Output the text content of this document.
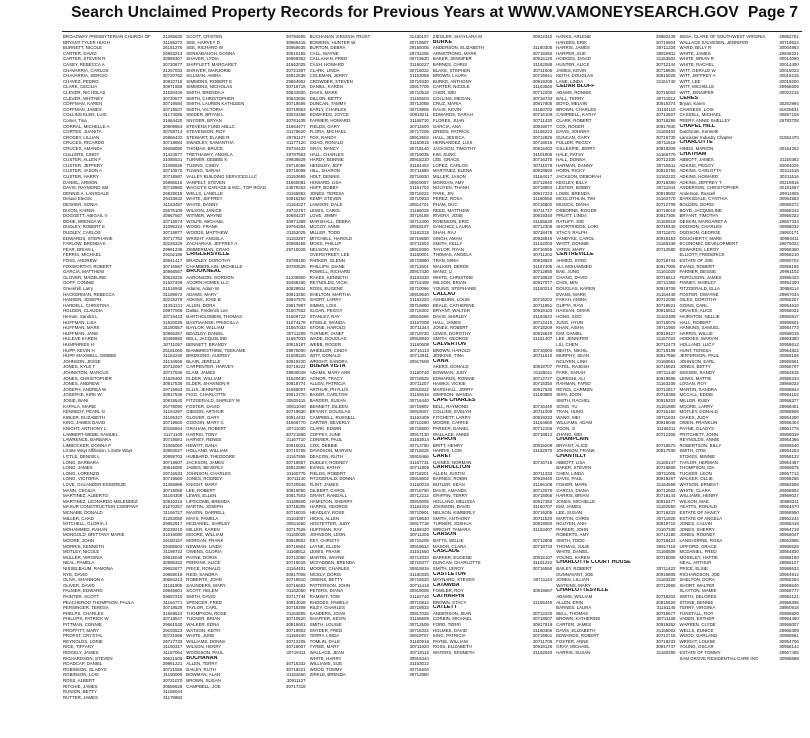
Search Unclaimed Property Records for Previous Years at WWW.VAMONEYSEARCH.GOV Page 7
BROADWAY PRESBYTERIAN CHURCH OF	31265630
BRYANT TYLER HUGH	31165272
BURNETT, NICOLE	26161276
CARTER, DAVID	26963213
CARTER, STEVEN R	30969307
CASEY, REBECCA A	30720877
CHAVARRIA, CARLOS	31267033
CHAVARRIA, SERGIO	30720752
CHAVEZ, PEDRO	30910715
CLARK, CECILIA	30971556
CLEVER, NICHOLAS	31520446
CLEVER, WHITNEY	30720577
COFFMAN, KAREN	30719594
COFFMAN, JAMES	30719537
COLLINS ELEN, LUIS	31174066
Comer, Tina	31664420
CORRAL, MICHELLE A	30909553
CORTES, JUANITA	30769714
CROSBY, LILLIAN	26966432
CRUCES, RICARDO	30718884
CRUCES, AMANDA	29268080
CULLERS, CINDY	31424577
CUSTER, ALLEN F	31085531
CUSTER, JEFFERY	31085526
CUSTER, JASON A	30710570
CUSTER, HARRY	30718587
DANIEL, ARMON	26956516
DAVIS, RAYMOND SM	30718960
DENNIS A. LANSDALE	26928019
Deluxe Electric	29433632
DESHER, SONIA	31153497
DIXON, KAREN	25576106
DOGGETT, ABIGAIL V	30967557
DONE, BRENDA W	30716574
DUDLEY, ROBERT E	31096224
DUDLEY, CARLOS	30718877
EDWARDS, STEPHANIE	30717752
FARLOW, BRENDA K	30225229
FEAR, BRIAN L	29961236
FERRIS, MICHAEL	29152186
FOSS, ANDREW	30641417
FOXWORTHY, ROBERT	30716587
GARCIA, MATTHEW	30966557
GLOVER, MADELINE	30618225
GOFF, CONNIE	31527209
Greenhill, Larry	31516948
HACKERMAN, REBECCA	31169672
HANSEN, JOSEPH	30215278
HARDELL, CHRISTINA	31251211
HOLDEN, CLAUDIA	29977066
Hernan, Sandra L	30719443
HUFFMAN, LISA	31520025
HUFFMAN, MARK	31180557
HUFFMAN, JANE	30966257
HULEVE KAREN	30466660
HUMPHRIES H	30711057
HUPP, KEVIN H	25181060
HUPP MAXWELL, DEBBIE	31162240
JOHNSON, JESSE	31134665
JONES, KYLE T	30712097
JOHNSTON, MARCUS	30717536
JONES, CHRISTOPHER	31525402
JONES, ANDREW	30917536
JOSEPH, ANDREA W	29719663
JOSEPHE, KIRK W	30917536
JOSIE, BANI	30919540
KAPALA, MARIE	26778090
KENNEDY, PEARL N	31164297
KIBLER, ELIZABETH	31165327
KING, JAMES DAVID	30719560
KNIGHT, ANTHONY L	30165554
LAMBERT-WEBB, SAMUEL	31171106
LAWRENCE, BARBARA	30719581
LIMBOCKER, DONNA F	31065060
Lizotte Wayt Affiliation, Lizotte Wayt	30953027
LITTLE, DENISE L	30959703
LONG, BARBARA	30719607
LONG, JAMES	30616080
LONG, LORENZO	29716533
LONG, VICTORIA	30719560
LOVE, GALANDER ESSEREZE	31356989
MANN, CECILIA	30719058
MARTINEZ, ALBERTO	31164308
MARTINEZ, LEONARDO MELENDEZ	30910215
MASUR CONSTRUCTION COMPANY	31570257
MCNABB, DONALD	31166727
MILLER, CHAD	31263060
MITCHELL, GLORIA J	29652917
MOHAMMED, RAHAN	30228210
MONGOLD, BRITTANY MARIE	31015080
MOORE, JOHN	29180157
MORRIS, KENNETH	29485504
MOTLEY, NICOLE	31169722
MULLER, VIRGINIA	29515048
NEAL, PAMELA	30956322
NISSELBAUM, RAMONA	29652677
NYE, DAVID	29658019
OLIVA, SHANNON A	30684213
OLIVER, DAVID	31161905
PALMER, EDWARD	29945601
PAINTER, SCOTT	29667210
PEACHEROO THOMPSON, PAULA	31164771
PERSINGER, TERESA	30718529
PHELPS, CHARLES	31569524
PHILLIPS, PATRICK W	30718547
PITTMAN, CONNIE	29661530
PROFFITT, MARY	29193523
PROPST, CRYSTAL	30721568
REYNOLDS, LORIE	29717733
RICE, TIFFANY	31150317
RIDGELY, JAMES	31167064
RICHARDSON, STEVEN	30621506
ROADCAP, DANIEL	29961221
ROBINSON, GLADYS	30721556
ROBINSON, LOIS	31150005
ROSS, ALBERT	30721070
RITCHIE, JAMES	30559625
RUNION, BETTY	31166044
RUTTER, JAMES	31175882
SCOTT, CRISTEN	30794605
SEE, HARVEY D	30966415
SEE, RICHARD W	30966635
SENSABAUGH, DONNA	30916155
SHAVER, LYDIA	30969362
SHIFFLETT, MARGARET	31662025
SHRIVER, MARJORIE	30721307
SILLMAN, AMIRA	30912535
SIMMONS, ROBERT E	29864952
SIMMONS, NICHOLAS	30718715
SMITH, BRENDA A	30643930
SMITH, CHRISTOPHER	30643936
SMITH, LAUREN KATHLEEN	30719556
SMITH, VICTORIA	30719553
SNIDER, BRYAN L	30022468
SNYDER, BRYAN	30781435
STEVENS FUND ABLLC	31664477
STEVENSON, ROY	31176620
STEWART, ELAINE R	29761127
SWADLEY, SAMANTHA	31177120
THOMAS, BRUCE	29734432
TRETHAWAY, ANGELA	29787563
TURNER, DEBBIE K	29936829
TUSING, CINDY	29715056
TUSING, SARAH	29715058
VALLEY BUILDING SERVICES LLC	31153669
VANPELT, STEVEN	31665081
WAGGY'S GARAGE & INC., TOP ROAD	24679262
WELLS, LANELLE	31165852
WHITE, JEFFREY	30916250
WHITE, DANNY	31164227
WILSON, JANICE	29742767
WITMER, WAYNE	30684237
WOLFE, MICHAEL	30971369
WOOD, FRANK	29764294
WOODS, MATTHEW	31152025
WRIGHT, ANGELA	31152267
ZACHARIAS, JEFFREY A	30969458
ZIMMERMAN, CRAIG	29715028
CRIGLERSVILLE
BRADLEY, DOROTHY	29789150
CHAMBERLAIN, MICHELLE	30783525
BROOKNEAL
AARONSON, GORDON	31239900
ACORN HOMES LLC	30468260
Adams, Adam W	30828934
ADAMS, MARY	30913250
ADKINS, JOSE B	30947576
ALLEN, DORA	29817897
Dallas, Frederick Lee	31607552
BARTHOLOMEW, THOMAS	31609722
BASTIAANSE, PRISCILLA	31074178
BAYLOR, WILLIAM	31567033
BEAZLEY, DANIEL	30711205
BELL, JACQUELINE	31657033
BENNETT, BRANDY	30615187
BIAMBRESTHINE, TEEKAME	29875000
BIRDSONG, AUDREY	31609220
BLAIR, JERELLE	30919220
CARPENTER, HARVEY	30719222
ELAM, JAMES	29930049
ELDER, WILLIAM	31520430
ELDER, SHANNON R	30918774
ELLIS, JENNIFER	31669007
FIGG, CHARLOTTE	30912770
FITZGERALD, SHIRLEY M	30829115
FOSTER, DAVID	30911040
GIBSON, ARTHUR	30719630
GLOVER, GARY	30914432
GOGGIN, MARY C	31566770
GRAHAM, ROBERT	30711030
HARRIS, TONY	30721566
HARVEY, RENEE	31167710
HEWITT, DANA	30916021
HOLLAND, WILLIAM	30710755
HUBBARD, THEODORE	31167555
JACKSON, JAMES	30719557
JAMES, BEVERLY	30912590
JOHNSON, CHARLES	31160775
JONES, RODNEY	30711140
KNIGHT, MARY	30720548
LEE, ROBERT	30919060
LEWIS, ELLEN	30917503
LIPSCOMB, BRENDA	31169500
MARTIN, JOSEPH	30718205
MASON, DARRELL	30716015
MAYS, PAMELA	31163007
MCDANIEL, SHIRLEY	30911650
MILLER, KAREN	30717526
MOORE, WILLIAM	31160028
MORGAN, FRANK	30919502
NEWMAN, LINDA	30716504
OWENS, GLORIA	31168812
PAYNE, DORIS	30712050
PERKINS, ALICE	30719018
PRICE, RONALD	31164401
REID, SANDRA	30917006
ROBERTS, JOHN	30718810
SAUNDERS, MARY	30716602
SCOTT, HELEN	31162050
SMITH, DAVID	30717744
SPENCER, FRED	30914028
TAYLOR, CARL	30719309
THOMPSON, ROSE	31163605
TUCKER, BRIAN	30710520
WALKER, EDNA	30916601
WATSON, KEITH	30719903
WHITE, JUNE	31160440
WILLIAMS, DONNA	30712205
WILSON, HENRY	30718007
WOODSON, PAUL	30719411
BUCHANAN
ALLEN, TERRY	30716332
BAILEY, RUTH	30719221
BOWMAN, ALAN	31162660
BROWN, SUSAN	30911127
CAMPBELL, JOE	30717318
BUCHANAN VIRGINIA TRUST	31430107
BOWERS, HUNTER W	30719507
BURTON, DEBRA	29155005
CALL, WAYNE	28732205
CALLAHAN, FRED	30719620
CASH, HOWARD	31160227
CLARK, LINDA	30716022
COLEMAN, JERRY	31163058
CROWDER, STEVEN	30719330
DANIEL, KAREN	30917705
DAVIS, MARK	30710518
DILLON, BETTY	31165503
DUNCAN, TAMMY	30712088
EARLY, CHARLES	30719905
EDWARDS, JOYCE	30919211
FARMER, HOWARD	31168730
FIELDS, GARY	30711600
FLORA, MICHAEL	30717209
FOX, RANDY	30913504
GOAD, RONALD	31160815
GRAY, NANCY	30718140
HALL, CHARLES	30719035
HARDY, BONNIE	30915210
HENSLEY, JEFF	31164402
HILL, SHARON	30711880
HOLT, DENNIS	30716630
HOWARD, LISA	30919057
HUFF, BOBBY	31161702
JONES, TERESA	30718222
KEMP, STEVEN	30710933
LAWSON, DALE	30914701
LEWIS, CAROL	31166025
LOVE, JIMMY	30719188
MARSHALL, DEBRA	30712400
MCCOY, ANNE	30918107
MILLER, TODD	31162318
MITCHELL, HAROLD	30716550
MOSS, PHILLIP	30711502
NELSON, RITA	30919350
OVERSTREET, LEE	31160001
PARKER, GLENN	30718860
PHILLIPS, DIANE	30712601
POWELL, RICHARD	30917420
RAKES, KENNETH	31163330
REYNOLDS, VICKI	30714409
ROSS, EUGENE	30710066
SHELTON, MARTHA	30919540
SHORT, LARRY	31162220
SIMMS, LOIS	30716880
SLOAN, PEGGY	30718302
STANLEY, RAY	30915066
STEELE, WANDA	31167008
STONE, HAROLD	30711344
TURNER, JANET	30719720
WADE, DOUGLAS	30918840
WEBB, ROGER	31160608
WHEELER, CINDY	30716113
WITT, DONALD	30712911
WRIGHT, SANDRA	30917608
BUENA VISTA
ADAMS, MARY ANN	31160740
AGNOR, TRACY	30718525
ALLEN, PATRICIA	30711207
ARTHUR, PHYLLIS	30919322
BAKER, CARLTON	31165515
BARGER, SUSAN	30716440
BENNETT, EILEEN	30719802
BRYANT, DOUGLAS	30915007
CAMPBELL, RUSSELL	31162409
CARTER, BEVERLY	30710280
CLARK, EDWIN	30718550
COFFEY, JUNE	30917130
CONNER, PAUL	31163814
COX, DEBBIE	30712750
DAVIDSON, MARVIN	30716025
DEACON, RUTH	30919466
DUDLEY, RODNEY	31167731
EVANS, KATHY	30711809
FIELDS, ROBERT	30718201
FITZGERALD, DONNA	30915602
FLINT, JAMES	31160019
GILBERT, CAROL	30716750
GRANT, RANDALL	30712213
HAMILTON, SHERRY	30919005
HARRIS, GEORGE	31164202
HEADLEY, ROSE	30710901
HICKS, ALLEN	30718640
HOSTETTER, JUDY	30917718
HUFFMAN, RAY	31168420
JOHNSON, LEON	30711305
KEY, CHRISTY	30716209
LAYNE, ELLEN	30919612
LEWIS, FRANK	31161550
MARTIN, WAYNE	30712033
MCFADDEN, BRENDA	30718377
MOORE, CHARLES	30915819
NICELY, DORIS	31160330
OWENS, BETTY	30716520
PATTERSON, JOHN	30711416
PETERS, DIANA	30919008
RAMSEY, TOM	31162740
RHODES, PAMELA	30710812
RILEY, CHARLES	30718933
SANDERS, JOAN	30917025
SHAFFER, KEVIN	31165609
SMITH, LOUISE	30712509
SNYDER, FRED	30716322
TERRY, LINDA	30919707
TOMLIN, DALE	31160918
TYREE, MARY	30711920
WALLACE, JEAN	30718115
WHITE, HARRY	30915344
WILLIAMS, SUE	31163012
WOOD, TOMMY	30716603
ZIRKLE, BRENDA	30712880
ZIEGLER, SHAYLARA M	30912342
BURKE
ANDERSON, ELIZABETH	31160305
ARMSTRONG, MARK	30718450
BAKER, JENNIFER	30915120
BARNES, CHRIS	31162088
BLAKE, STEPHEN	30711605
BROWN, LAURA	30716941
BURKE, ANTHONY	30919208
CARTER, NICOLE	31163560
CHEN, WEI	30712200
COLLINS, MEGAN	30718733
CRUZ, MARIA	30917805
DAVIS, KEVIN	31160702
EDWARDS, SARAH	30716109
FLORES, JUAN	30711430
GARCIA, ANA	30919077
GREEN, PATRICK	31165223
HALL, JESSICA	30712825
HERNANDEZ, LUIS	30718016
JACKSON, TIMOTHY	30915402
KIM, SUNG	31161906
LEE, GRACE	30716370
LOPEZ, CARLOS	30711078
MARTINEZ, ELENA	30919560
MILLER, JASON	31164017
MORGAN, AMY	30712640
NGUYEN, THANH	30718904
PARK, JIN	30917223
PEREZ, ROSA	31160550
PHAM, DUC	30716802
REED, MATTHEW	30711717
RIVERA, JOSE	30919340
ROBINSON, ERIC	31166630
SANCHEZ, LAURA	30712309
SHAH, RAJ	30718478
SINGH, AMAN	30915915
SMITH, KELLY	31162003
TAYLOR, RYAN	30716555
THOMAS, ANGELA	30711202
TRAN, MINH	30919820
WALKER, DEREK	31167405
WANG, LI	30712950
WHITE, CHRISTINE	30718620
WILSON, BRIAN	30917077
YOUNG, STEPHANIE	31160214
CALLAO
ASHBURN, LOUIS	30716202
BEALE, CATHERINE	30711851
BRYANT, WALTER	30919103
DAVIS, SHIRLEY	31163922
HALL, JAMES	30712410
JONES, ROBERT	30718209
LEWIS, DOROTHY	30915540
SMITH, GEORGE	31161407
CALVERTON
BROWN, HAROLD	30716004
JENKINS, TINA	30711610
CANA
AKERS, DONALD	30919707
BOWMAN, JUDY	31165011
EDWARDS, RONNIE	30712727
HAWKS, VICKIE	30718350
MARSHALL, JERRY	30917630
SIMPSON, WANDA	31160880
CAPE CHARLES
BELL, RAYMOND	30716440
COLLINS, EVELYN	30711009
FITCHETT, LARRY	30919233
MOORE, CARRIE	31164660
PARKER, DANIEL	30712106
WALLACE, ANNIE	30718812
CAPRON
BRITT, HENRY	30915209
HARRIS, LOIS	31162570
CARET
GAINES, NORMAN	30716718
CARROLLTON
ALLEN, JUSTIN	30711333
BARNES, ROBIN	30919440
BUTLER, SEAN	31166108
DAVIS, AMANDA	30712570
GRIFFIN, TERRY	30718066
HOLLAND, MELISSA	30917350
JOHNSON, DAVID	31160707
NELSON, KIMBERLY	30716205
SMITH, ANTHONY	30711520
TURNER, JOSHUA	30919050
WRIGHT, TAMARA	31163407
CARSON
BATTS, WILLIE	30712808
MASON, CLARA	30718733
CASCADE
BARKER, EUGENE	30915107
DUNCAN, CHARLOTTE	31161222
SMITH, LEROY	30716550
CASTLETON
MAYNARD, STEVEN	30711144
CATAWBA
FOWLER, ROY	30919667
CATHARPIN
BROWN, STACY	31165440
CATLETT
ANDERSON, JEAN	30712220
CORBIN, MICHAEL	30718507
FORD, TERRI	30917819
HOLMES, DAVID	31160366
KING, PATRICIA	30716901
PAYNE, WILLIAM	30711708
ROSS, ELIZABETH	30919126
WATERS, KENNETH	31162940
HANKS, ARLENE	29882439
HANSEN, ERIK	30716504
HARRIS, JAMES	30711226
HARPER, SUE	30919811
HODGES, DAVID	31163602
HUNTER, ALICE	30712144
JAMES, KEVIN	30718830
KEITH, DOUGLAS	30915025
LANE, LINDA	31161740
CEDAR BLUFF
ADAMS, RONNIE	30716003
BALL, TERRY	30711812
BOYD, MELVIN	30919374
BROWN, CHARLES	31164110
CAMPBELL, KATHY	30712607
CLARK, ROBERT	30718295
COX, ROGER	30917840
DAVIS, JOHNNY	31160402
DUNCAN, GARY	30716730
FULLER, PEGGY	30711519
GILLESPIE, JERRY	30919209
HALE, PATSY	31166770
HALL, DONNA	30712330
HARMAN, DANNY	30718611
HORN, RICKY	30915750
JACKSON, DEBORAH	31162222
KEGLEY, BILLY	30716380
LESTER, BOBBY	30711044
LOWE, BRENDA	30919502
MCGLOTHLIN, TIM	31163770
MUSICK, DIANA	30712709
OSBORNE, ROGER	30718019
PRUITT, LINDA	30917306
RATLIFF, JOE	31160919
SHORTRIDGE, LORI	30716440
STACY, RALPH	30711870
VANDYKE, CAROL	30919153
WHITT, DONNIE	31165338
YATES, MARY	30712580
CENTREVILLE
AHMED, SYED	30718744
ALI, MOHAMMED	30917005
BAE, JUNG	31161020
CHANG, DAVID	30716612
CHOI, MIN	30711355
DOUGLAS, KAREN	30919708
EVANS, MARK	31164440
FARAH, AMINA	30712036
GUPTA, RAVI	30718521
HASSAN, OMAR	30915812
HONG, SOO	31162308
JUNG, HYUN	30716076
KHAN, AISHA	30711960
KIM, DANIEL	30919427
LEE, JENNIFER	31167022
LIU, CHEN	30712473
MEHTA, NIKHIL	30718108
MURPHY, SEAN	30917566
NGUYEN, LINH	31160661
PATEL, RAJESH	30716923
PARK, SARAH	30711240
QURESHI, ALI	30919585
RAHMAN, FARID	31163108
REYES, CARMEN	30712817
SHIN, JOON	30718366
SMITH, RACHEL	30915203
SONG, YU	31161880
TRAN, HUNG	30716150
WANG, MEI	30711633
WILLIAMS, ADAM	30919046
YOON, JI	31166211
ZHANG, WEI	30712305
CHAMPLAIN
BRYANT, ALICE	30718570
JOHNSON, FRANK	30917930
CHANTILLY
ABBOTT, LISA	31160147
BAKER, STEVEN	30716809
CHEN, LINDA	30711005
DAVIS, PAUL	30919267
FISHER, MARK	31164558
GARCIA, DIANA	30712602
HARRIS, BRIAN	30718144
JONES, MICHELLE	30915477
KIM, JAMES	31162560
LEE, SUSAN	30716233
MARTIN, CHRIS	30711820
NGUYEN, ANH	30919710
PARKER, JOHN	31167335
ROBERTS, AMY	30712180
SMITH, TODD	30718422
THOMAS, JULIE	30917118
WHITE, DANIEL	31160508
YOUNG, KAREN	30716006
CHARLOTTE COURT HOUSE
BAILEY, ROBERT	30711422
DUNNAVANT, JOE	30919805
JONES, LILLIAN	31163220
WATKINS, MARY	30712965
CHARLOTTESVILLE
ADAMS, WILLIAM	30718202
ALLEN, ERIN	30915620
BARNES, LAURA	31161145
BELL, THOMAS	30716677
BROWN, KATHERINE	30711106
CARTER, JAMES	30919352
DAVIS, ELIZABETH	31165002
EDWARDS, ROBERT	30712716
FOSTER, ANNE	30718233
GRAY, MICHAEL	30917747
HARRIS, SUSAN	31160290
SENA, CLARE OF SOUTHWEST VIRGINIA	29952751
WALLACE SALVESEN, JENNIFER	30719622
WARD, BILLY R	30004963
WHITE, JAMES	29948221
WHITE, BRIAN R	30014090
WHITE, RACHEL	30014400
WITT, GERALD W	30015023
WITT, JEFFREY A	30016215
WITT, LEE	30019200
WITT, MICHELLE	29966605
WITT, JENNIFER	30022215
CERES
Bryan, Karen	30252994
CAVINESS, LOIS	31625631
CASSELL, MICHAEL	30657108
PEERY, ANNIE SHELLEY	29783708
CHAPEL HILL
Dutchman, Kenneth
Lancaster Industry Chapter	31552470
CHARLOTTE
HINDS, MARION	30154252
CHATHAM
ABBOTT, JAMES	31150382
ADKINS, PEGGY	30054026
ADKINS, CARLOTTA	30211516
ADKINS, HOWARD	30211516
ADKINS, JEFFREY T	30218815
ANDERSON, CHRISTOPHER	30191657
Anderson, Russell	29911805
BARKSDALE, CYNTHIA	30954583
BOLDEN, DORIS	30958272
BOYD, JACQUELINE	30958242
BRYANT, TIMOTHY	30958322
DESKIN, MARGARET A	29667334
DODSON, CHARLES	30968032
DODSON, GEORGE	29950171
DOUGHERTY, MARK	30954411
ECONOMIC DEVELOPMENT	29975022
EDWARDS, LEROY	30958360
ELLIOTT, FREDERICK	30958210
ESTATE OF JOE	30950702
EVANS, ROBERT	30958155
FARMER, BESSIE	29961102
FERGUSON, JAMES	30958423
FINNEY, SHIRLEY	30954300
FITZGERALD, ELLA	30958114
FOSTER, DWAYNE	29967044
GILES, DOROTHY	30958207
GOINS, CARL	30954610
GRAVES, ALICE	30958032
HAIRSTON, NELLIE	29960817
HALL, ROBERT	30958501
HANKINS, SAMUEL	30954773
HARRIS, WILLIE	30958019
HODGES, MARVIN	29963350
HOLLAND, LUCY	30958612
HUNT, TERESA	30954822
JEFFERSON, PAUL	30958106
JOHNSON, EARL	29965561
JONES, BETTY	30958707
KEESEE, RANDY	30954915
LEWIS, MATTIE	30958233
LOGAN, ROY	29966022
MARTIN, SANDRA	30958844
MCCALL, EDDIE	30954102
MILLER, RUBY	30958377
MOORE, LARRY	29968401
MOTLEY, DONALD	30958906
OAKES, JUDY	30954250
OWEN, FRANKLIN	30958404
PAYNE, GLADYS	29961775
PRITCHETT, JOHN	30958019
REYNOLDS, ANNIE	30954366
ROBERTSON, BILLY	30958540
SMITH, OTIS	29964203
STOKES, MINNIE	30958133
TAYLOR, HERMAN	30954487
THOMPSON, IDA	30958675
TUCKER, LEON	29967712
WALKER, OLLIE	30958266
WATSON, ERNEST	30954508
WHITE, CLARA	30958802
WILLIAMS, HENRY	29969027
WILSON, MAE	30958311
YEATTS, RONALD	30954670
ESTATE OF NANCY	30958950
ESTATE OF ANGELA	29962244
JONES, CALVIN	30958418
JONES, SHERRY	30954719
JONES, RODNEY	30958047
LANGHORNE, ROSA	29963885
LIPFORD, GRACE	30958526
MCDANIEL, FRED	30954830
MOSELEY, HATTIE	30958190
NEAL, ARTHUR	29966107
PRICE, ELSIE	30958633
RICHARDSON, JOE	30954912
SHELTON, DORA	30958254
SHORT, WALTER	29968640
SLAYTON, MAMIE	30958777
SMITH, DELORES	30954121
STONE, BENNIE	30958395
TERRY, VIRGINIA	29960918
TUNSTALL, ROY	30958820
VADEN, ESTHER	30954460
WARREN, CLYDE	30958007
WELLS, EUNICE	29965309
WOOD, GARLAND	30958561
WRIGHT, LOUISE	30954706
YOUNG, OSCAR	30958142
ESTATE OF TOMMY	29967405
SAM GROVE RESIDENTIAL CARE INC	30958688
